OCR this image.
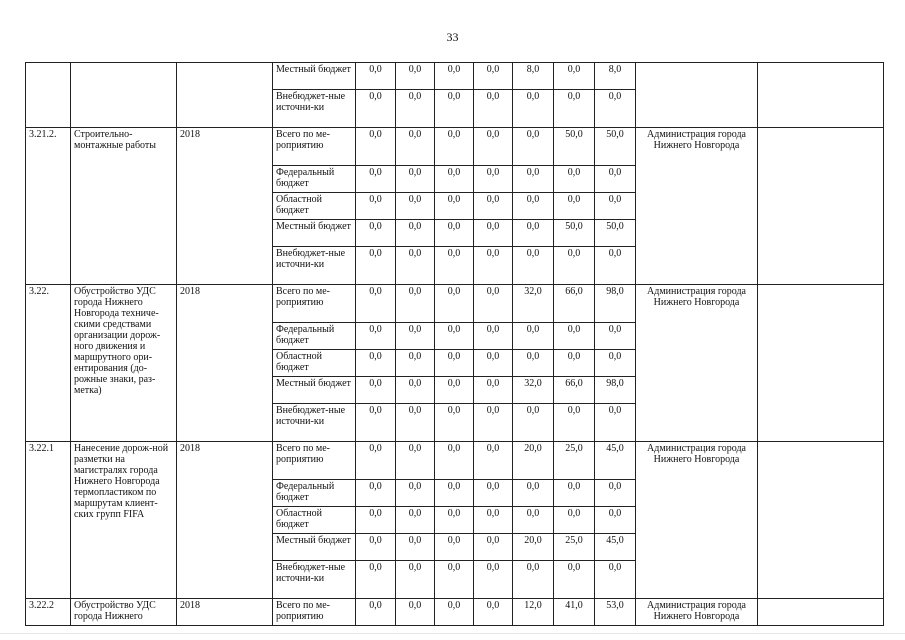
33
			Местный бюджет	0,0	0,0	0,0	0,0	8,0	0,0	8,0		
			Внебюджет-ные источни-ки	0,0	0,0	0,0	0,0	0,0	0,0	0,0		
3.21.2.	Строительно-монтажные работы	2018	Всего по ме-роприятию	0,0	0,0	0,0	0,0	0,0	50,0	50,0	Администрация города Нижнего Новгорода	
			Федеральный бюджет	0,0	0,0	0,0	0,0	0,0	0,0	0,0		
			Областной бюджет	0,0	0,0	0,0	0,0	0,0	0,0	0,0		
			Местный бюджет	0,0	0,0	0,0	0,0	0,0	50,0	50,0		
			Внебюджет-ные источни-ки	0,0	0,0	0,0	0,0	0,0	0,0	0,0		
3.22.	Обустройство УДС города Нижнего Новгорода техниче-скими средствами организации дорож-ного движения и маршрутного ори-ентирования (до-рожные знаки, раз-метка)	2018	Всего по ме-роприятию	0,0	0,0	0,0	0,0	32,0	66,0	98,0	Администрация города Нижнего Новгорода	
			Федеральный бюджет	0,0	0,0	0,0	0,0	0,0	0,0	0,0		
			Областной бюджет	0,0	0,0	0,0	0,0	0,0	0,0	0,0		
			Местный бюджет	0,0	0,0	0,0	0,0	32,0	66,0	98,0		
			Внебюджет-ные источни-ки	0,0	0,0	0,0	0,0	0,0	0,0	0,0		
3.22.1	Нанесение дорож-ной разметки на магистралях города Нижнего Новгорода термопластиком по маршрутам клиент-ских групп FIFA	2018	Всего по ме-роприятию	0,0	0,0	0,0	0,0	20,0	25,0	45,0	Администрация города Нижнего Новгорода	
			Федеральный бюджет	0,0	0,0	0,0	0,0	0,0	0,0	0,0		
			Областной бюджет	0,0	0,0	0,0	0,0	0,0	0,0	0,0		
			Местный бюджет	0,0	0,0	0,0	0,0	20,0	25,0	45,0		
			Внебюджет-ные источни-ки	0,0	0,0	0,0	0,0	0,0	0,0	0,0		
3.22.2	Обустройство УДС города Нижнего	2018	Всего по ме-роприятию	0,0	0,0	0,0	0,0	12,0	41,0	53,0	Администрация города Нижнего Новгорода	
